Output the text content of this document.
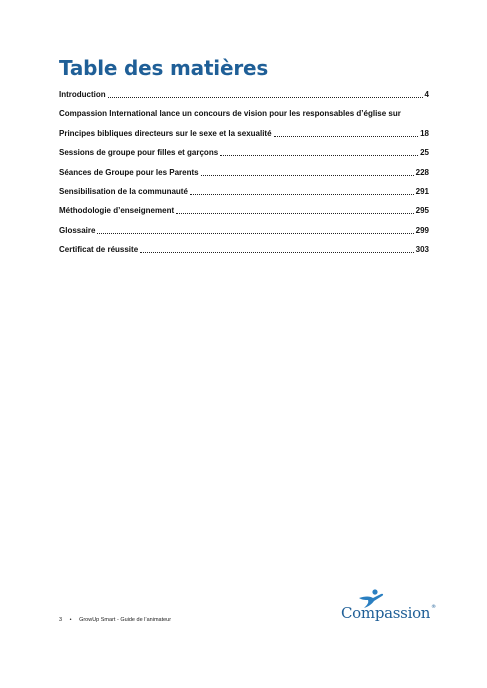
Table des matières
Introduction	4
Compassion International lance un concours de vision pour les responsables d’église sur
Principes bibliques directeurs sur le sexe et la sexualité	18
Sessions de groupe pour filles et garçons	25
Séances de Groupe pour les Parents	228
Sensibilisation de la communauté	291
Méthodologie d’enseignement	295
Glossaire	299
Certificat de réussite	303
3 • GrowUp Smart - Guide de l’animateur	Compassion®
